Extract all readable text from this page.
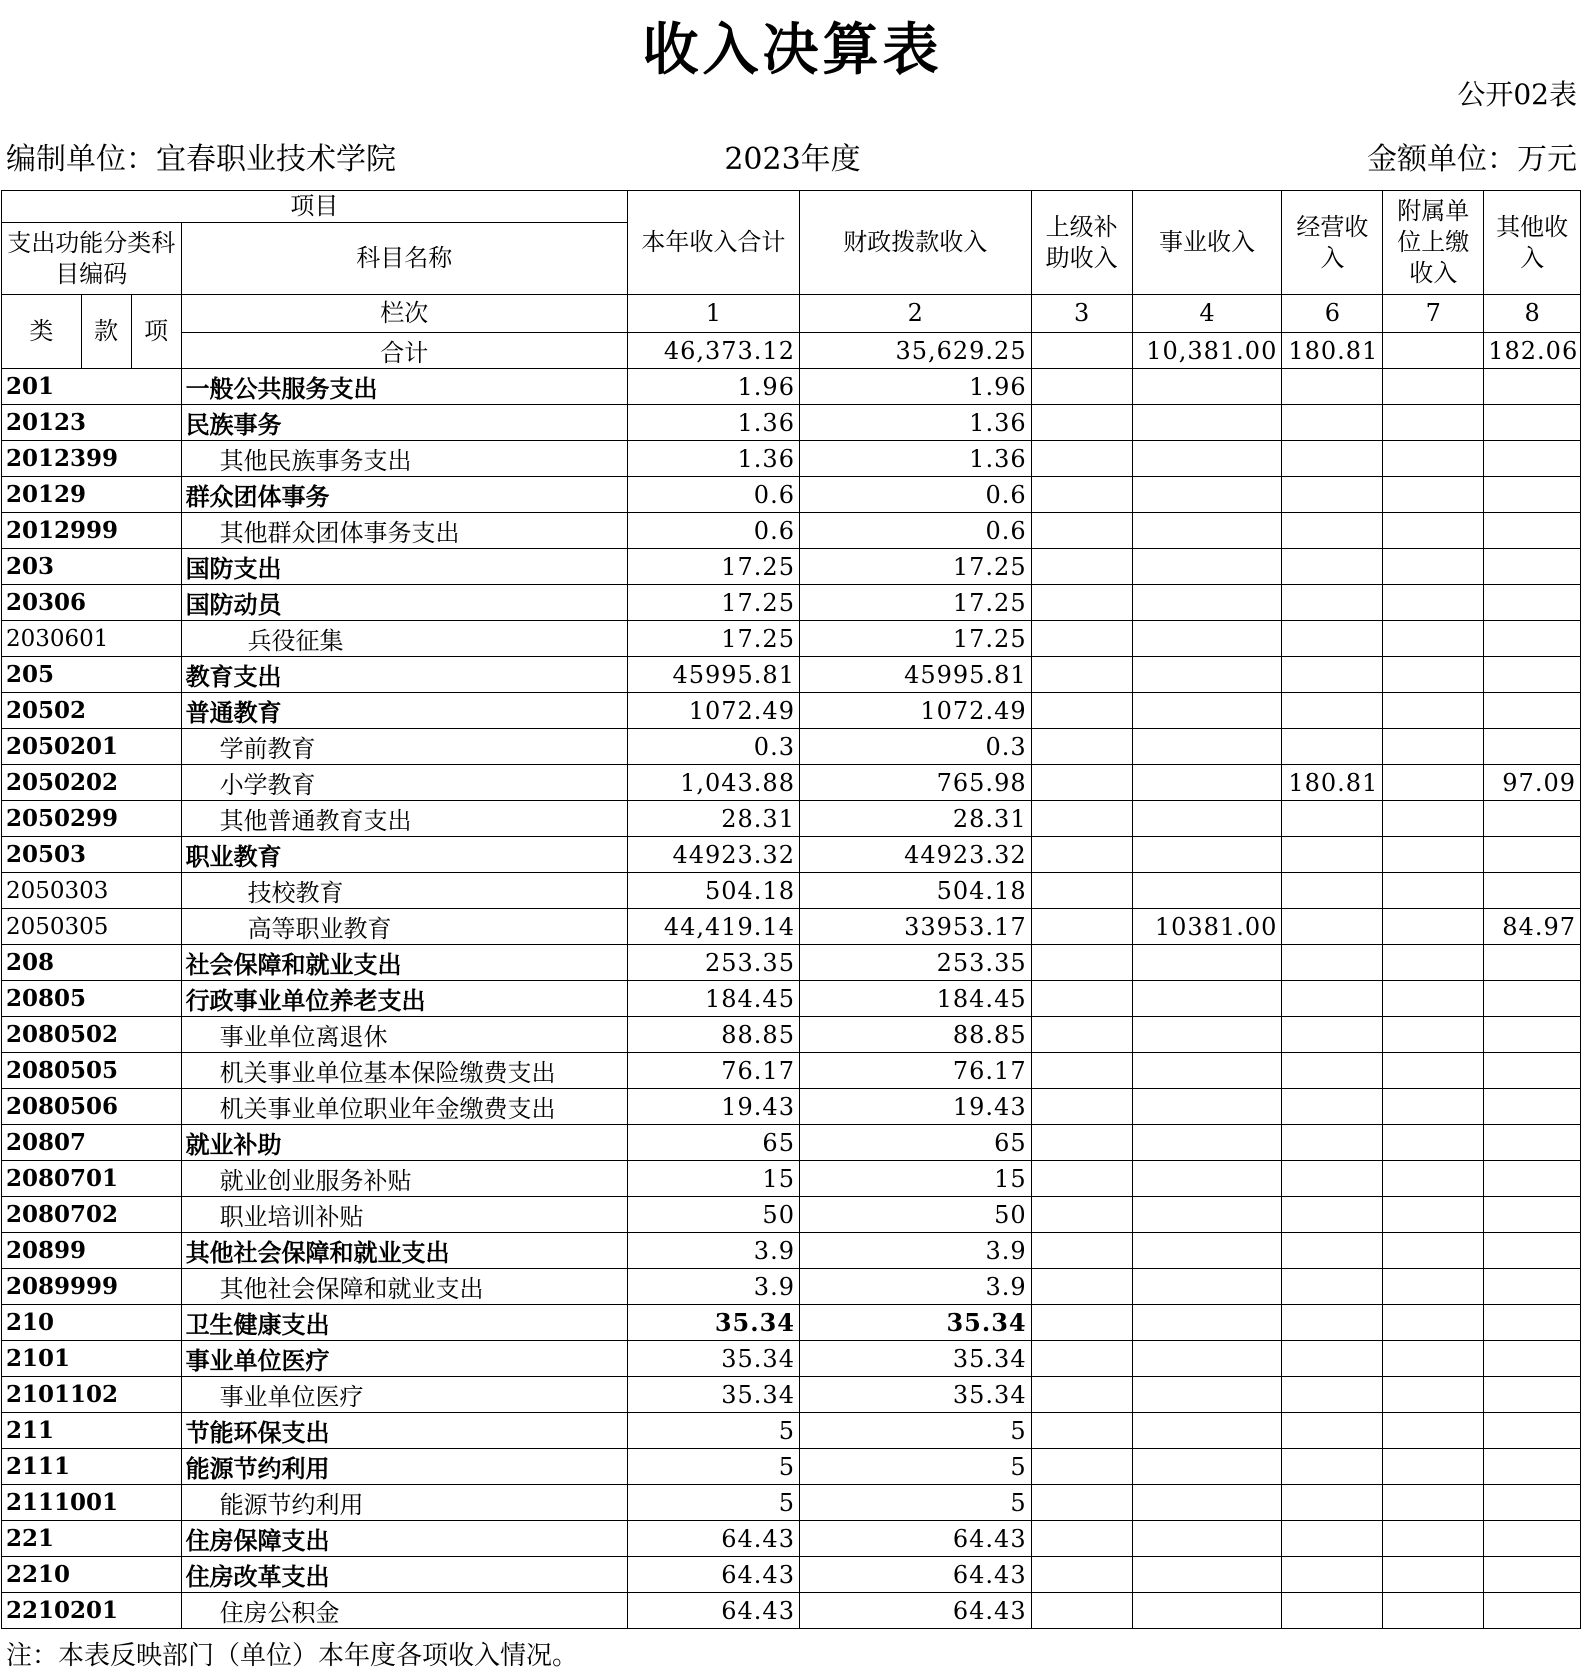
收入决算表
公开02表
编制单位：宜春职业技术学院	2023年度	金额单位：万元
项目				本年收入合计	财政拨款收入	上级补助收入	事业收入	经营收入	附属单位上缴收入	其他收入
支出功能分类科目编码			科目名称							
类	款	项	栏次	1	2	3	4	6	7	8
			合计	46,373.12	35,629.25		10,381.00	180.81		182.06
201			一般公共服务支出	1.96	1.96					
20123			民族事务	1.36	1.36					
2012399			其他民族事务支出	1.36	1.36					
20129			群众团体事务	0.6	0.6					
2012999			其他群众团体事务支出	0.6	0.6					
203			国防支出	17.25	17.25					
20306			国防动员	17.25	17.25					
2030601			兵役征集	17.25	17.25					
205			教育支出	45995.81	45995.81					
20502			普通教育	1072.49	1072.49					
2050201			学前教育	0.3	0.3					
2050202			小学教育	1,043.88	765.98			180.81		97.09
2050299			其他普通教育支出	28.31	28.31					
20503			职业教育	44923.32	44923.32					
2050303			技校教育	504.18	504.18					
2050305			高等职业教育	44,419.14	33953.17		10381.00			84.97
208			社会保障和就业支出	253.35	253.35					
20805			行政事业单位养老支出	184.45	184.45					
2080502			事业单位离退休	88.85	88.85					
2080505			机关事业单位基本保险缴费支出	76.17	76.17					
2080506			机关事业单位职业年金缴费支出	19.43	19.43					
20807			就业补助	65	65					
2080701			就业创业服务补贴	15	15					
2080702			职业培训补贴	50	50					
20899			其他社会保障和就业支出	3.9	3.9					
2089999			其他社会保障和就业支出	3.9	3.9					
210			卫生健康支出	35.34	35.34					
2101			事业单位医疗	35.34	35.34					
2101102			事业单位医疗	35.34	35.34					
211			节能环保支出	5	5					
2111			能源节约利用	5	5					
2111001			能源节约利用	5	5					
221			住房保障支出	64.43	64.43					
2210			住房改革支出	64.43	64.43					
2210201			住房公积金	64.43	64.43					
注：本表反映部门（单位）本年度各项收入情况。
